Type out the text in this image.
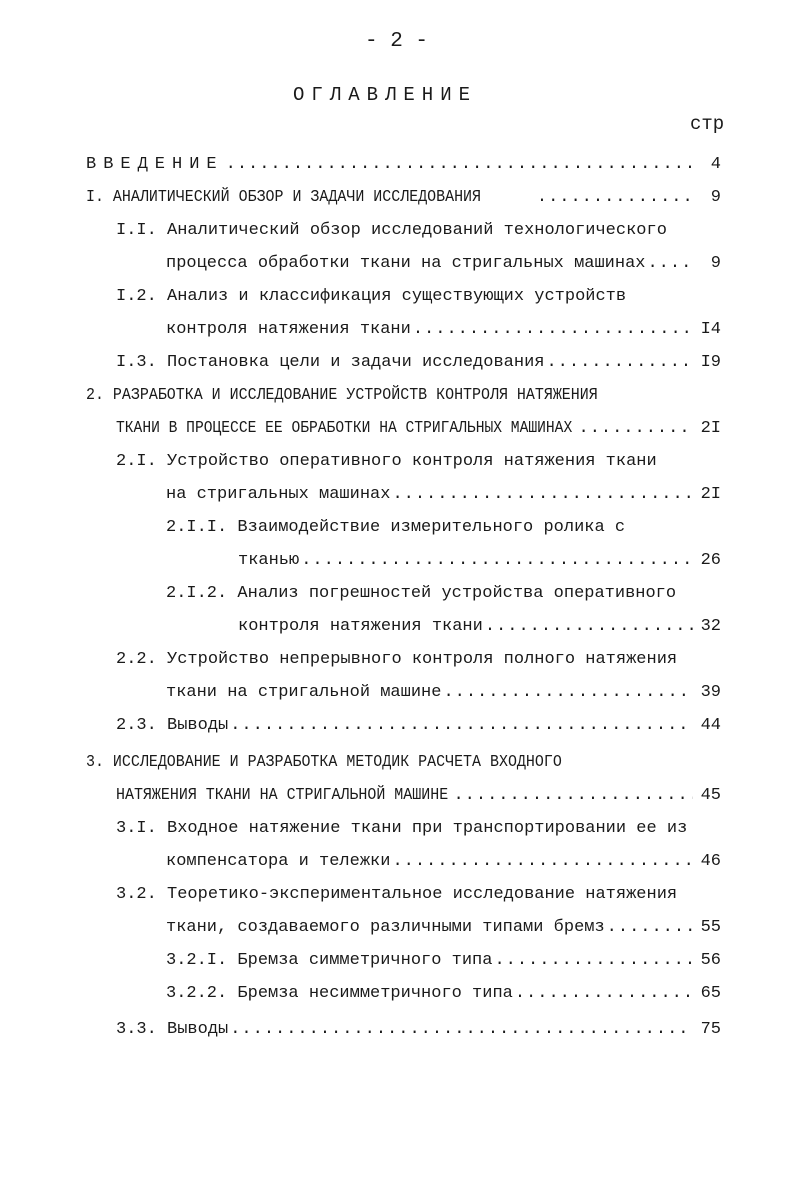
- 2 -
ОГЛАВЛЕНИЕ
стр
ВВЕДЕНИЕ .....	4
I. АНАЛИТИЧЕСКИЙ ОБЗОР И ЗАДАЧИ ИССЛЕДОВАНИЯ .....	9
I.I. Аналитический обзор исследований технологического
процесса обработки ткани на стригальных машинах .....	9
I.2. Анализ и классификация существующих устройств
контроля натяжения ткани .....	I4
I.3. Постановка цели и задачи исследования .....	I9
2. РАЗРАБОТКА И ИССЛЕДОВАНИЕ УСТРОЙСТВ КОНТРОЛЯ НАТЯЖЕНИЯ
ТКАНИ В ПРОЦЕССЕ ЕЕ ОБРАБОТКИ НА СТРИГАЛЬНЫХ МАШИНАХ .....	2I
2.I. Устройство оперативного контроля натяжения ткани
на стригальных машинах .....	2I
2.I.I. Взаимодействие измерительного ролика с
тканью .....	26
2.I.2. Анализ погрешностей устройства оперативного
контроля натяжения ткани .....	32
2.2. Устройство непрерывного контроля полного натяжения
ткани на стригальной машине .....	39
2.3. Выводы .....	44
3. ИССЛЕДОВАНИЕ И РАЗРАБОТКА МЕТОДИК РАСЧЕТА ВХОДНОГО
НАТЯЖЕНИЯ ТКАНИ НА СТРИГАЛЬНОЙ МАШИНЕ .....	45
3.I. Входное натяжение ткани при транспортировании ее из
компенсатора и тележки .....	46
3.2. Теоретико-экспериментальное исследование натяжения
ткани, создаваемого различными типами бремз .....	55
3.2.I. Бремза симметричного типа .....	56
3.2.2. Бремза несимметричного типа .....	65
3.3. Выводы .....	75
